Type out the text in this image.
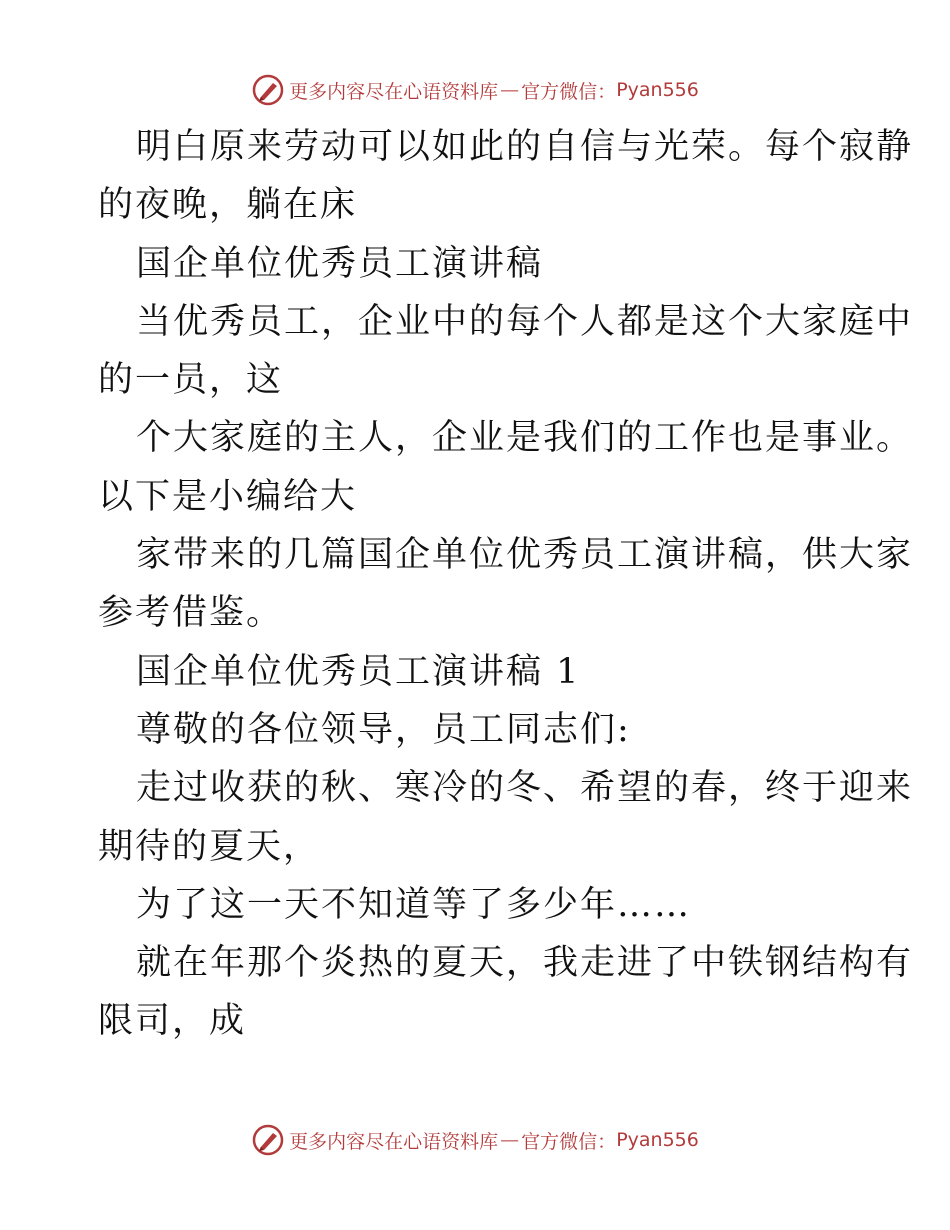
更多内容尽在心语资料库 — 官方微信： Pyan556

明白原来劳动可以如此的自信与光荣。每个寂静

的夜晚，躺在床

国企单位优秀员工演讲稿

当优秀员工，企业中的每个人都是这个大家庭中

的一员，这

个大家庭的主人，企业是我们的工作也是事业。

以下是小编给大

家带来的几篇国企单位优秀员工演讲稿，供大家

参考借鉴。

国企单位优秀员工演讲稿 1

尊敬的各位领导，员工同志们:

走过收获的秋、寒冷的冬、希望的春，终于迎来

期待的夏天，

为了这一天不知道等了多少年……

就在年那个炎热的夏天，我走进了中铁钢结构有

限司，成

更多内容尽在心语资料库 — 官方微信： Pyan556
